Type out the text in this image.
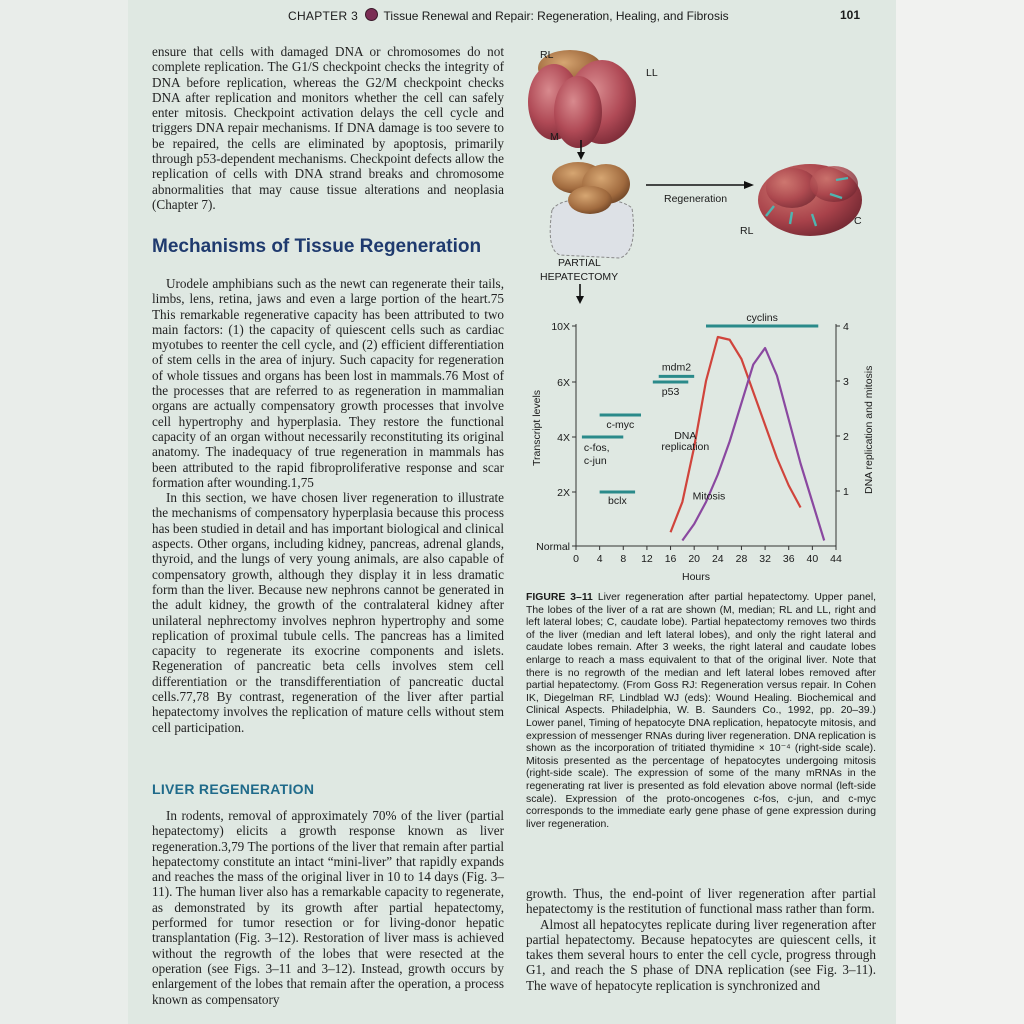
CHAPTER 3 Tissue Renewal and Repair: Regeneration, Healing, and Fibrosis	101

ensure that cells with damaged DNA or chromosomes do not complete replication. The G1/S checkpoint checks the integrity of DNA before replication, whereas the G2/M checkpoint checks DNA after replication and monitors whether the cell can safely enter mitosis. Checkpoint activation delays the cell cycle and triggers DNA repair mechanisms. If DNA damage is too severe to be repaired, the cells are eliminated by apoptosis, primarily through p53-dependent mechanisms. Checkpoint defects allow the replication of cells with DNA strand breaks and chromosome abnormalities that may cause tissue alterations and neoplasia (Chapter 7).

Mechanisms of Tissue Regeneration

Urodele amphibians such as the newt can regenerate their tails, limbs, lens, retina, jaws and even a large portion of the heart.75 This remarkable regenerative capacity has been attributed to two main factors: (1) the capacity of quiescent cells such as cardiac myotubes to reenter the cell cycle, and (2) efficient differentiation of stem cells in the area of injury. Such capacity for regeneration of whole tissues and organs has been lost in mammals.76 Most of the processes that are referred to as regeneration in mammalian organs are actually compensatory growth processes that involve cell hypertrophy and hyperplasia. They restore the functional capacity of an organ without necessarily reconstituting its original anatomy. The inadequacy of true regeneration in mammals has been attributed to the rapid fibroproliferative response and scar formation after wounding.1,75

In this section, we have chosen liver regeneration to illustrate the mechanisms of compensatory hyperplasia because this process has been studied in detail and has important biological and clinical aspects. Other organs, including kidney, pancreas, adrenal glands, thyroid, and the lungs of very young animals, are also capable of compensatory growth, although they display it in less dramatic form than the liver. Because new nephrons cannot be generated in the adult kidney, the growth of the contralateral kidney after unilateral nephrectomy involves nephron hypertrophy and some replication of proximal tubule cells. The pancreas has a limited capacity to regenerate its exocrine components and islets. Regeneration of pancreatic beta cells involves stem cell differentiation or the transdifferentiation of pancreatic ductal cells.77,78 By contrast, regeneration of the liver after partial hepatectomy involves the replication of mature cells without stem cell participation.

LIVER REGENERATION

In rodents, removal of approximately 70% of the liver (partial hepatectomy) elicits a growth response known as liver regeneration.3,79 The portions of the liver that remain after partial hepatectomy constitute an intact “mini-liver” that rapidly expands and reaches the mass of the original liver in 10 to 14 days (Fig. 3–11). The human liver also has a remarkable capacity to regenerate, as demonstrated by its growth after partial hepatectomy, performed for tumor resection or for living-donor hepatic transplantation (Fig. 3–12). Restoration of liver mass is achieved without the regrowth of the lobes that were resected at the operation (see Figs. 3–11 and 3–12). Instead, growth occurs by enlargement of the lobes that remain after the operation, a process known as compensatory

RL
LL
M
Regeneration
RL
C
PARTIAL
HEPATECTOMY
Transcript levels	DNA replication and mitosis
Hours
Normal
2X
4X
6X
10X
1
2
3
4
0 4 8 12 16 20 24 28 32 36 40 44
cyclins
mdm2
p53
c-myc
c-fos,
c-jun
bclx
DNA
replication
Mitosis
FIGURE 3–11 Liver regeneration after partial hepatectomy. Upper panel, The lobes of the liver of a rat are shown (M, median; RL and LL, right and left lateral lobes; C, caudate lobe). Partial hepatectomy removes two thirds of the liver (median and left lateral lobes), and only the right lateral and caudate lobes remain. After 3 weeks, the right lateral and caudate lobes enlarge to reach a mass equivalent to that of the original liver. Note that there is no regrowth of the median and left lateral lobes removed after partial hepatectomy. (From Goss RJ: Regeneration versus repair. In Cohen IK, Diegelman RF, Lindblad WJ (eds): Wound Healing. Biochemical and Clinical Aspects. Philadelphia, W. B. Saunders Co., 1992, pp. 20–39.) Lower panel, Timing of hepatocyte DNA replication, hepatocyte mitosis, and expression of messenger RNAs during liver regeneration. DNA replication is shown as the incorporation of tritiated thymidine × 10⁻⁴ (right-side scale). Mitosis presented as the percentage of hepatocytes undergoing mitosis (right-side scale). The expression of some of the many mRNAs in the regenerating rat liver is presented as fold elevation above normal (left-side scale). Expression of the proto-oncogenes c-fos, c-jun, and c-myc corresponds to the immediate early gene phase of gene expression during liver regeneration.

growth. Thus, the end-point of liver regeneration after partial hepatectomy is the restitution of functional mass rather than form.

Almost all hepatocytes replicate during liver regeneration after partial hepatectomy. Because hepatocytes are quiescent cells, it takes them several hours to enter the cell cycle, progress through G1, and reach the S phase of DNA replication (see Fig. 3–11). The wave of hepatocyte replication is synchronized and
